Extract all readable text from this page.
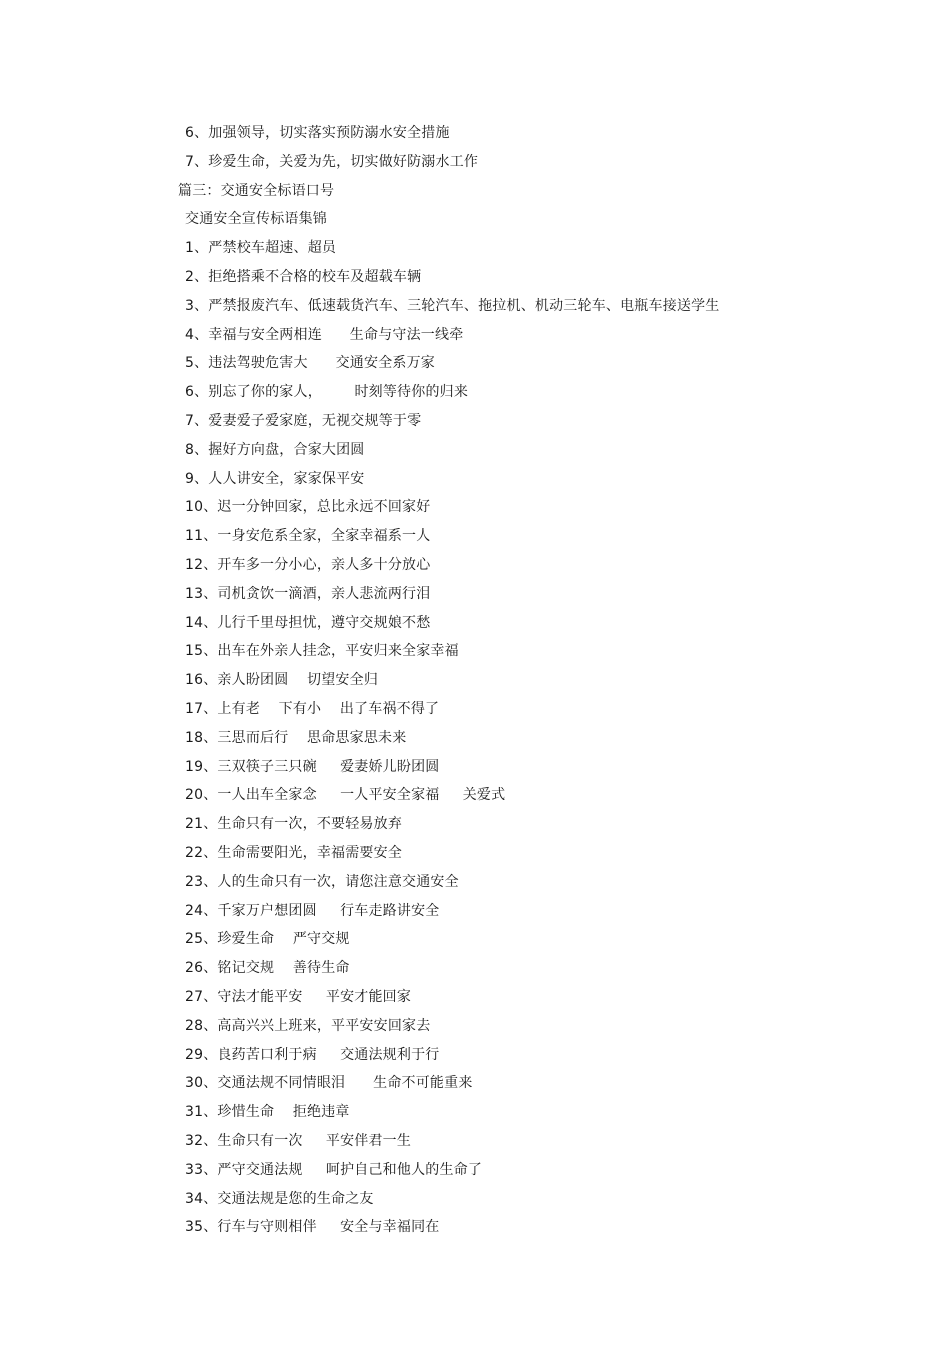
6、加强领导，切实落实预防溺水安全措施
7、珍爱生命，关爱为先，切实做好防溺水工作
篇三：交通安全标语口号
交通安全宣传标语集锦
1、严禁校车超速、超员
2、拒绝搭乘不合格的校车及超载车辆
3、严禁报废汽车、低速载货汽车、三轮汽车、拖拉机、机动三轮车、电瓶车接送学生
4、幸福与安全两相连      生命与守法一线牵
5、违法驾驶危害大      交通安全系万家
6、别忘了你的家人，       时刻等待你的归来
7、爱妻爱子爱家庭，无视交规等于零
8、握好方向盘，合家大团圆
9、人人讲安全，家家保平安
10、迟一分钟回家，总比永远不回家好
11、一身安危系全家，全家幸福系一人
12、开车多一分小心，亲人多十分放心
13、司机贪饮一滴酒，亲人悲流两行泪
14、儿行千里母担忧，遵守交规娘不愁
15、出车在外亲人挂念，平安归来全家幸福
16、亲人盼团圆    切望安全归
17、上有老    下有小    出了车祸不得了
18、三思而后行    思命思家思未来
19、三双筷子三只碗     爱妻娇儿盼团圆
20、一人出车全家念     一人平安全家福     关爱式
21、生命只有一次，不要轻易放弃
22、生命需要阳光，幸福需要安全
23、人的生命只有一次，请您注意交通安全
24、千家万户想团圆     行车走路讲安全
25、珍爱生命    严守交规
26、铭记交规    善待生命
27、守法才能平安     平安才能回家
28、高高兴兴上班来，平平安安回家去
29、良药苦口利于病     交通法规利于行
30、交通法规不同情眼泪      生命不可能重来
31、珍惜生命    拒绝违章
32、生命只有一次     平安伴君一生
33、严守交通法规     呵护自己和他人的生命了
34、交通法规是您的生命之友
35、行车与守则相伴     安全与幸福同在
